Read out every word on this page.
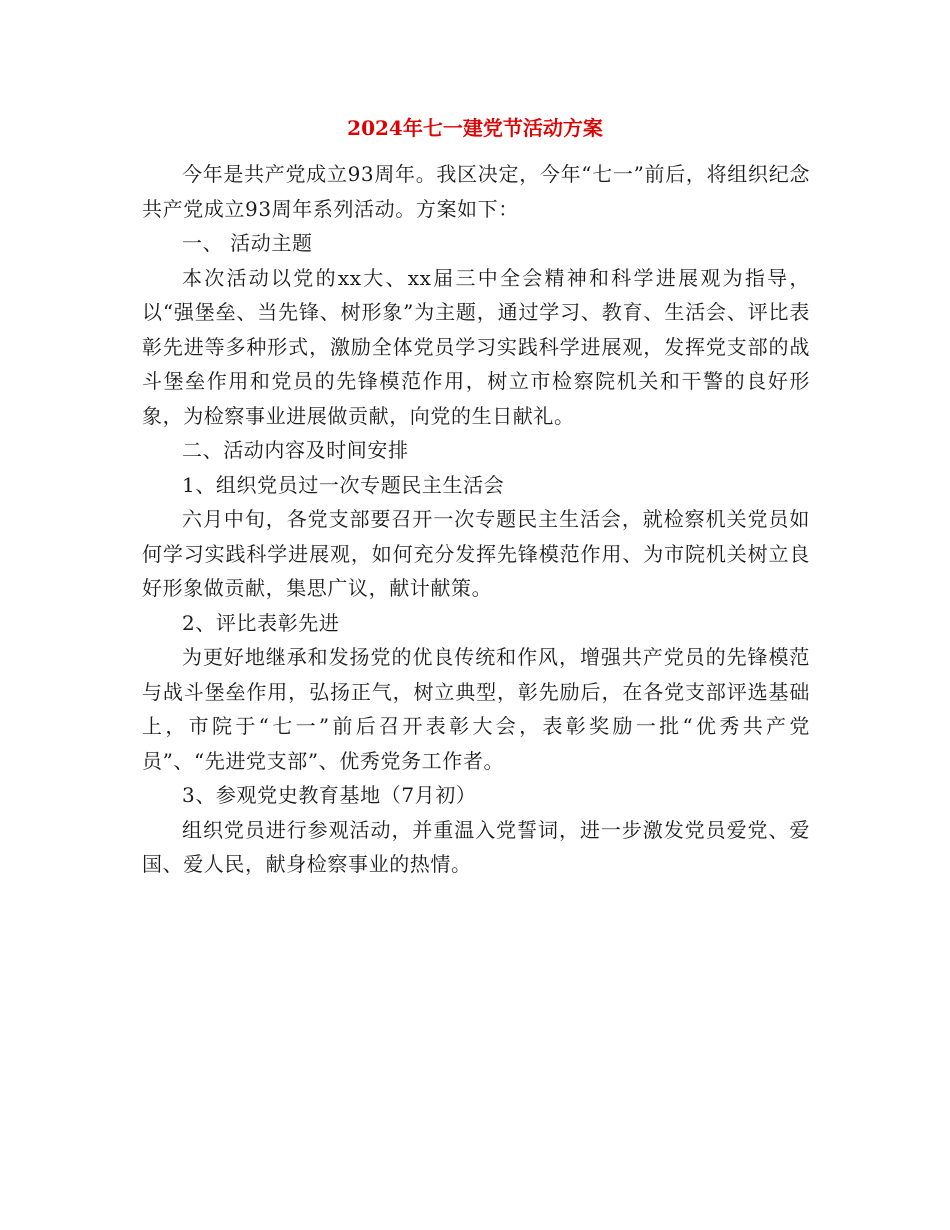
2024年七一建党节活动方案

今年是共产党成立93周年。我区决定，今年“七一”前后，将组织纪念共产党成立93周年系列活动。方案如下：

一、 活动主题

本次活动以党的xx大、xx届三中全会精神和科学进展观为指导，以“强堡垒、当先锋、树形象”为主题，通过学习、教育、生活会、评比表彰先进等多种形式，激励全体党员学习实践科学进展观，发挥党支部的战斗堡垒作用和党员的先锋模范作用，树立市检察院机关和干警的良好形象，为检察事业进展做贡献，向党的生日献礼。

二、活动内容及时间安排

1、组织党员过一次专题民主生活会

六月中旬，各党支部要召开一次专题民主生活会，就检察机关党员如何学习实践科学进展观，如何充分发挥先锋模范作用、为市院机关树立良好形象做贡献，集思广议，献计献策。

2、评比表彰先进

为更好地继承和发扬党的优良传统和作风，增强共产党员的先锋模范与战斗堡垒作用，弘扬正气，树立典型，彰先励后，在各党支部评选基础上，市院于“七一”前后召开表彰大会，表彰奖励一批“优秀共产党员”、“先进党支部”、优秀党务工作者。

3、参观党史教育基地（7月初）

组织党员进行参观活动，并重温入党誓词，进一步激发党员爱党、爱国、爱人民，献身检察事业的热情。
